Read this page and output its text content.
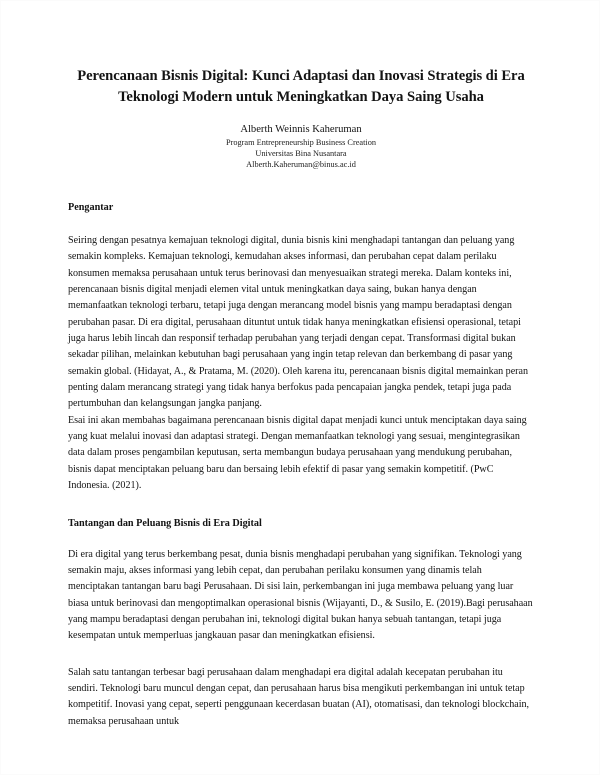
Perencanaan Bisnis Digital: Kunci Adaptasi dan Inovasi Strategis di Era Teknologi Modern untuk Meningkatkan Daya Saing Usaha
Alberth Weinnis Kaheruman
Program Entrepreneurship Business Creation
Universitas Bina Nusantara
Alberth.Kaheruman@binus.ac.id
Pengantar

Seiring dengan pesatnya kemajuan teknologi digital, dunia bisnis kini menghadapi tantangan dan peluang yang semakin kompleks. Kemajuan teknologi, kemudahan akses informasi, dan perubahan cepat dalam perilaku konsumen memaksa perusahaan untuk terus berinovasi dan menyesuaikan strategi mereka. Dalam konteks ini, perencanaan bisnis digital menjadi elemen vital untuk meningkatkan daya saing, bukan hanya dengan memanfaatkan teknologi terbaru, tetapi juga dengan merancang model bisnis yang mampu beradaptasi dengan perubahan pasar. Di era digital, perusahaan dituntut untuk tidak hanya meningkatkan efisiensi operasional, tetapi juga harus lebih lincah dan responsif terhadap perubahan yang terjadi dengan cepat. Transformasi digital bukan sekadar pilihan, melainkan kebutuhan bagi perusahaan yang ingin tetap relevan dan berkembang di pasar yang semakin global. (Hidayat, A., & Pratama, M. (2020). Oleh karena itu, perencanaan bisnis digital memainkan peran penting dalam merancang strategi yang tidak hanya berfokus pada pencapaian jangka pendek, tetapi juga pada pertumbuhan dan kelangsungan jangka panjang.

Esai ini akan membahas bagaimana perencanaan bisnis digital dapat menjadi kunci untuk menciptakan daya saing yang kuat melalui inovasi dan adaptasi strategi. Dengan memanfaatkan teknologi yang sesuai, mengintegrasikan data dalam proses pengambilan keputusan, serta membangun budaya perusahaan yang mendukung perubahan, bisnis dapat menciptakan peluang baru dan bersaing lebih efektif di pasar yang semakin kompetitif. (PwC Indonesia. (2021).

Tantangan dan Peluang Bisnis di Era Digital

Di era digital yang terus berkembang pesat, dunia bisnis menghadapi perubahan yang signifikan. Teknologi yang semakin maju, akses informasi yang lebih cepat, dan perubahan perilaku konsumen yang dinamis telah menciptakan tantangan baru bagi Perusahaan. Di sisi lain, perkembangan ini juga membawa peluang yang luar biasa untuk berinovasi dan mengoptimalkan operasional bisnis (Wijayanti, D., & Susilo, E. (2019).Bagi perusahaan yang mampu beradaptasi dengan perubahan ini, teknologi digital bukan hanya sebuah tantangan, tetapi juga kesempatan untuk memperluas jangkauan pasar dan meningkatkan efisiensi.

Salah satu tantangan terbesar bagi perusahaan dalam menghadapi era digital adalah kecepatan perubahan itu sendiri. Teknologi baru muncul dengan cepat, dan perusahaan harus bisa mengikuti perkembangan ini untuk tetap kompetitif. Inovasi yang cepat, seperti penggunaan kecerdasan buatan (AI), otomatisasi, dan teknologi blockchain, memaksa perusahaan untuk
